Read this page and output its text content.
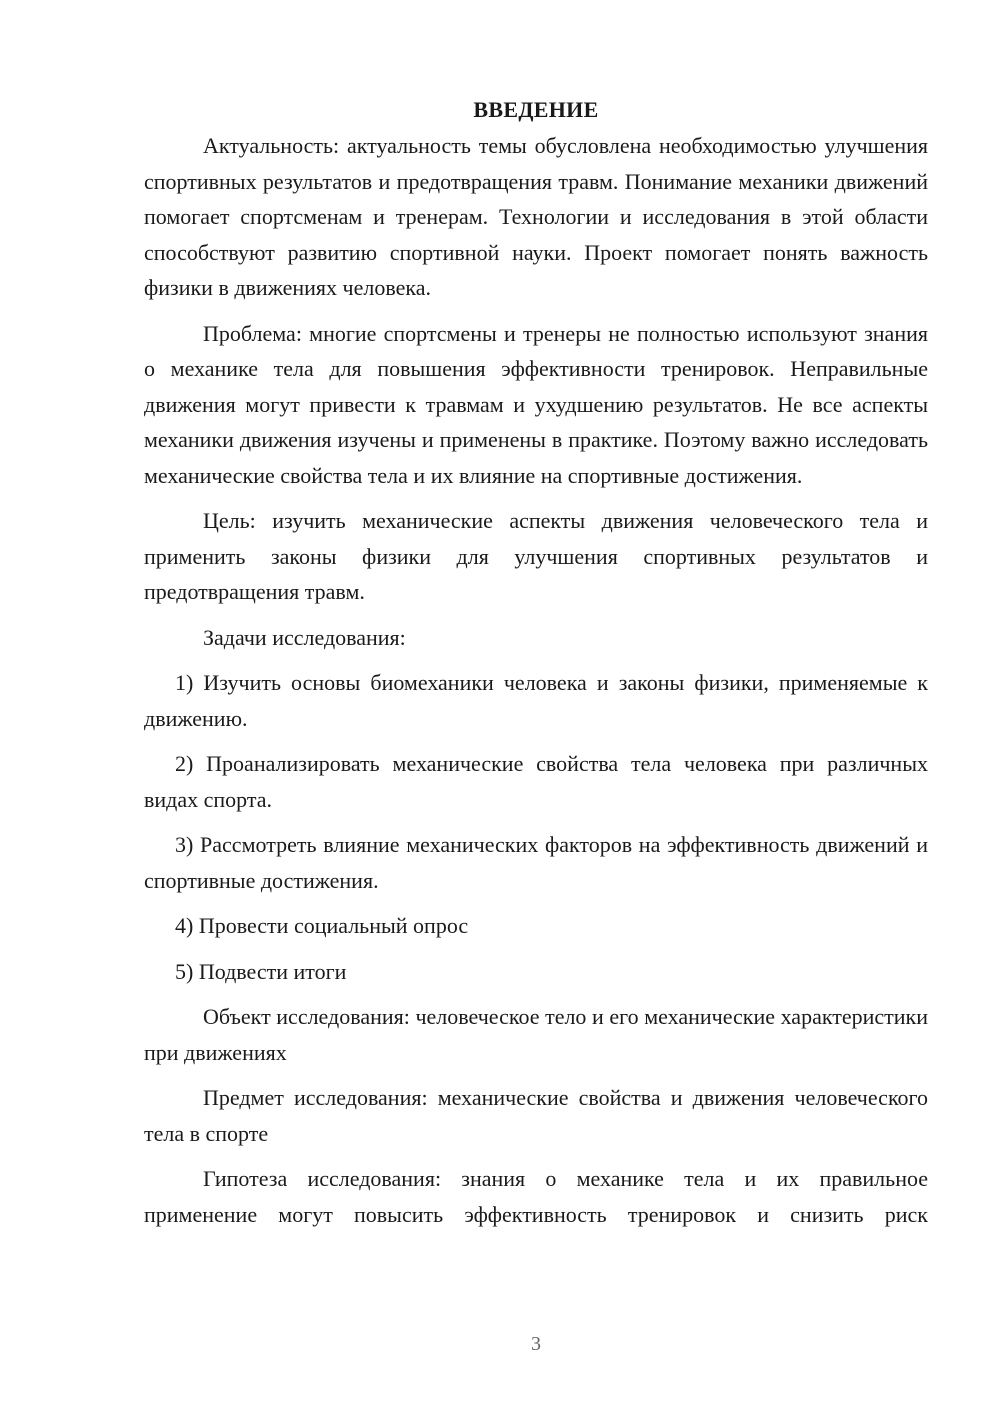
ВВЕДЕНИЕ

Актуальность: актуальность темы обусловлена необходимостью улучшения спортивных результатов и предотвращения травм. Понимание механики движений помогает спортсменам и тренерам. Технологии и исследования в этой области способствуют развитию спортивной науки. Проект помогает понять важность физики в движениях человека.

Проблема: многие спортсмены и тренеры не полностью используют знания о механике тела для повышения эффективности тренировок. Неправильные движения могут привести к травмам и ухудшению результатов. Не все аспекты механики движения изучены и применены в практике. Поэтому важно исследовать механические свойства тела и их влияние на спортивные достижения.

Цель: изучить механические аспекты движения человеческого тела и применить законы физики для улучшения спортивных результатов и предотвращения травм.

Задачи исследования:

1) Изучить основы биомеханики человека и законы физики, применяемые к движению.

2) Проанализировать механические свойства тела человека при различных видах спорта.

3) Рассмотреть влияние механических факторов на эффективность движений и спортивные достижения.

4) Провести социальный опрос

5) Подвести итоги

Объект исследования: человеческое тело и его механические характеристики при движениях

Предмет исследования: механические свойства и движения человеческого тела в спорте

Гипотеза исследования: знания о механике тела и их правильное применение могут повысить эффективность тренировок и снизить риск

3
